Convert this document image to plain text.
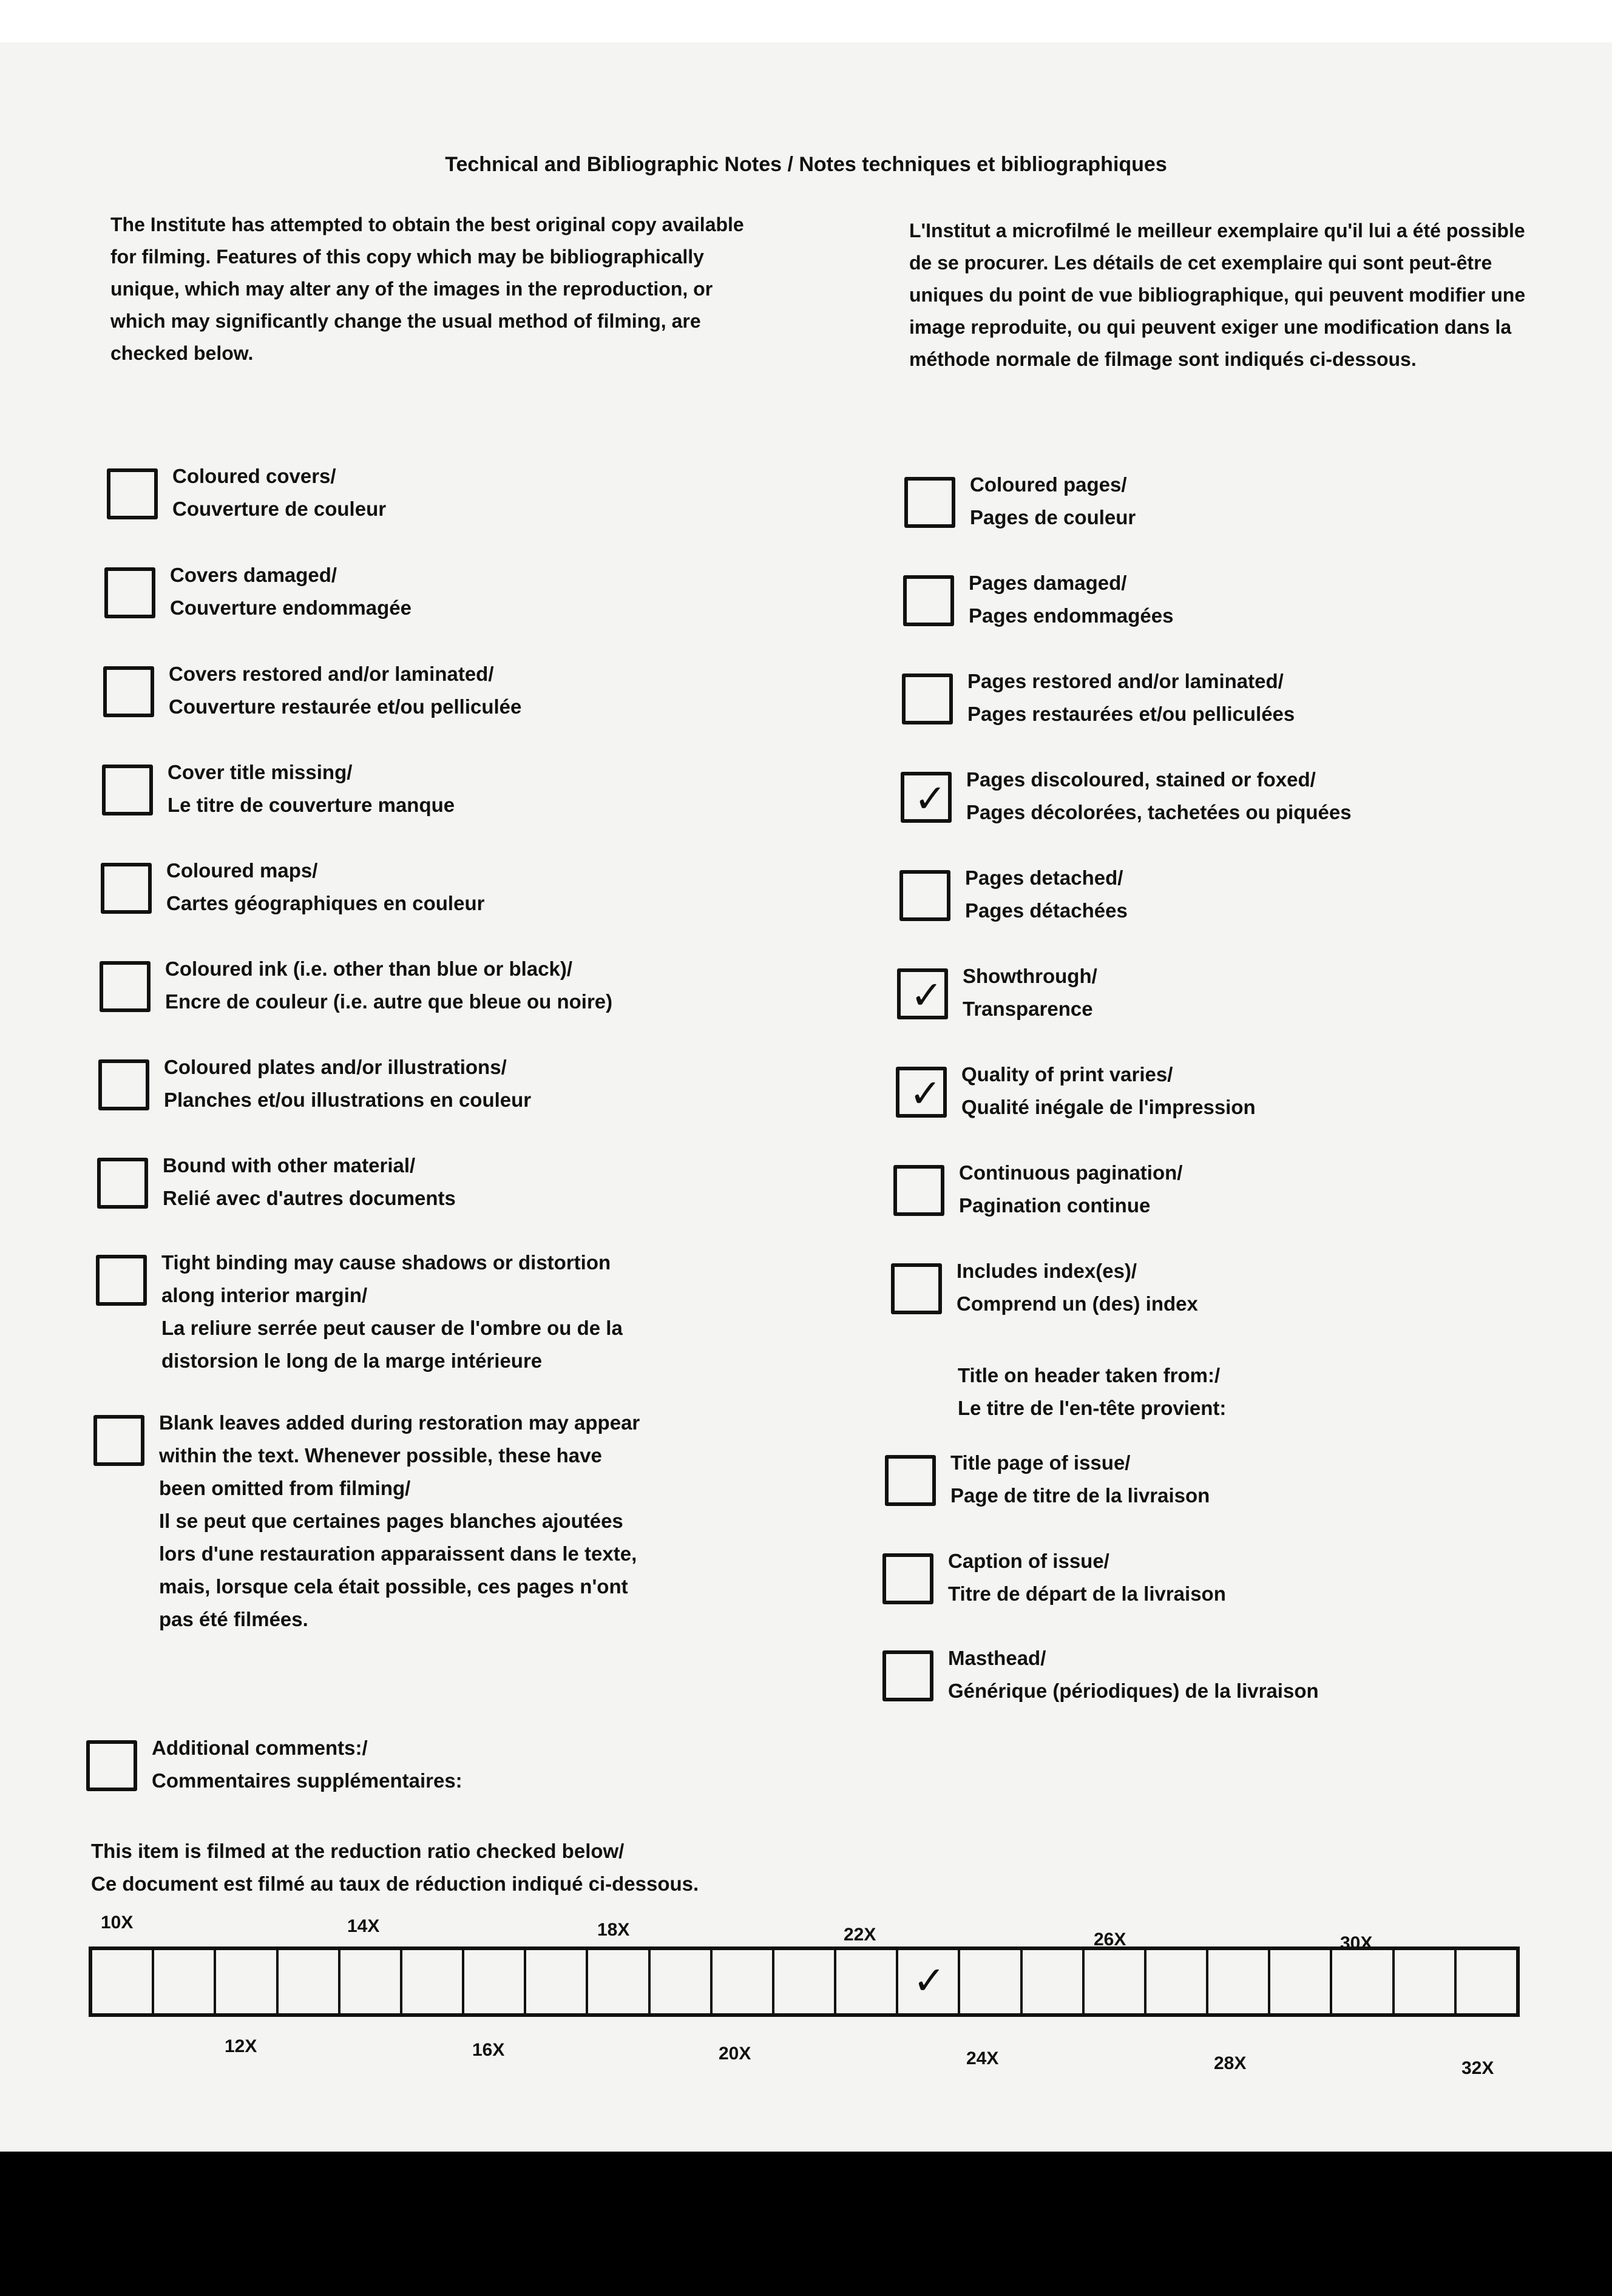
Technical and Bibliographic Notes / Notes techniques et bibliographiques

The Institute has attempted to obtain the best original copy available for filming. Features of this copy which may be bibliographically unique, which may alter any of the images in the reproduction, or which may significantly change the usual method of filming, are checked below.

L'Institut a microfilmé le meilleur exemplaire qu'il lui a été possible de se procurer. Les détails de cet exemplaire qui sont peut-être uniques du point de vue bibliographique, qui peuvent modifier une image reproduite, ou qui peuvent exiger une modification dans la méthode normale de filmage sont indiqués ci-dessous.

Coloured covers/
Couverture de couleur
Covers damaged/
Couverture endommagée
Covers restored and/or laminated/
Couverture restaurée et/ou pelliculée
Cover title missing/
Le titre de couverture manque
Coloured maps/
Cartes géographiques en couleur
Coloured ink (i.e. other than blue or black)/
Encre de couleur (i.e. autre que bleue ou noire)
Coloured plates and/or illustrations/
Planches et/ou illustrations en couleur
Bound with other material/
Relié avec d'autres documents
Tight binding may cause shadows or distortion
along interior margin/
La reliure serrée peut causer de l'ombre ou de la
distorsion le long de la marge intérieure
Blank leaves added during restoration may appear
within the text. Whenever possible, these have
been omitted from filming/
Il se peut que certaines pages blanches ajoutées
lors d'une restauration apparaissent dans le texte,
mais, lorsque cela était possible, ces pages n'ont
pas été filmées.
Additional comments:/
Commentaires supplémentaires:
Coloured pages/
Pages de couleur
Pages damaged/
Pages endommagées
Pages restored and/or laminated/
Pages restaurées et/ou pelliculées
✓ Pages discoloured, stained or foxed/
Pages décolorées, tachetées ou piquées
Pages detached/
Pages détachées
✓ Showthrough/
Transparence
✓ Quality of print varies/
Qualité inégale de l'impression
Continuous pagination/
Pagination continue
Includes index(es)/
Comprend un (des) index
Title page of issue/
Page de titre de la livraison
Caption of issue/
Titre de départ de la livraison
Masthead/
Générique (périodiques) de la livraison
Title on header taken from:/
Le titre de l'en-tête provient:
This item is filmed at the reduction ratio checked below/
Ce document est filmé au taux de réduction indiqué ci-dessous.
10X	14X	18X	22X	26X	30X
✓
12X	16X	20X	24X	28X	32X
